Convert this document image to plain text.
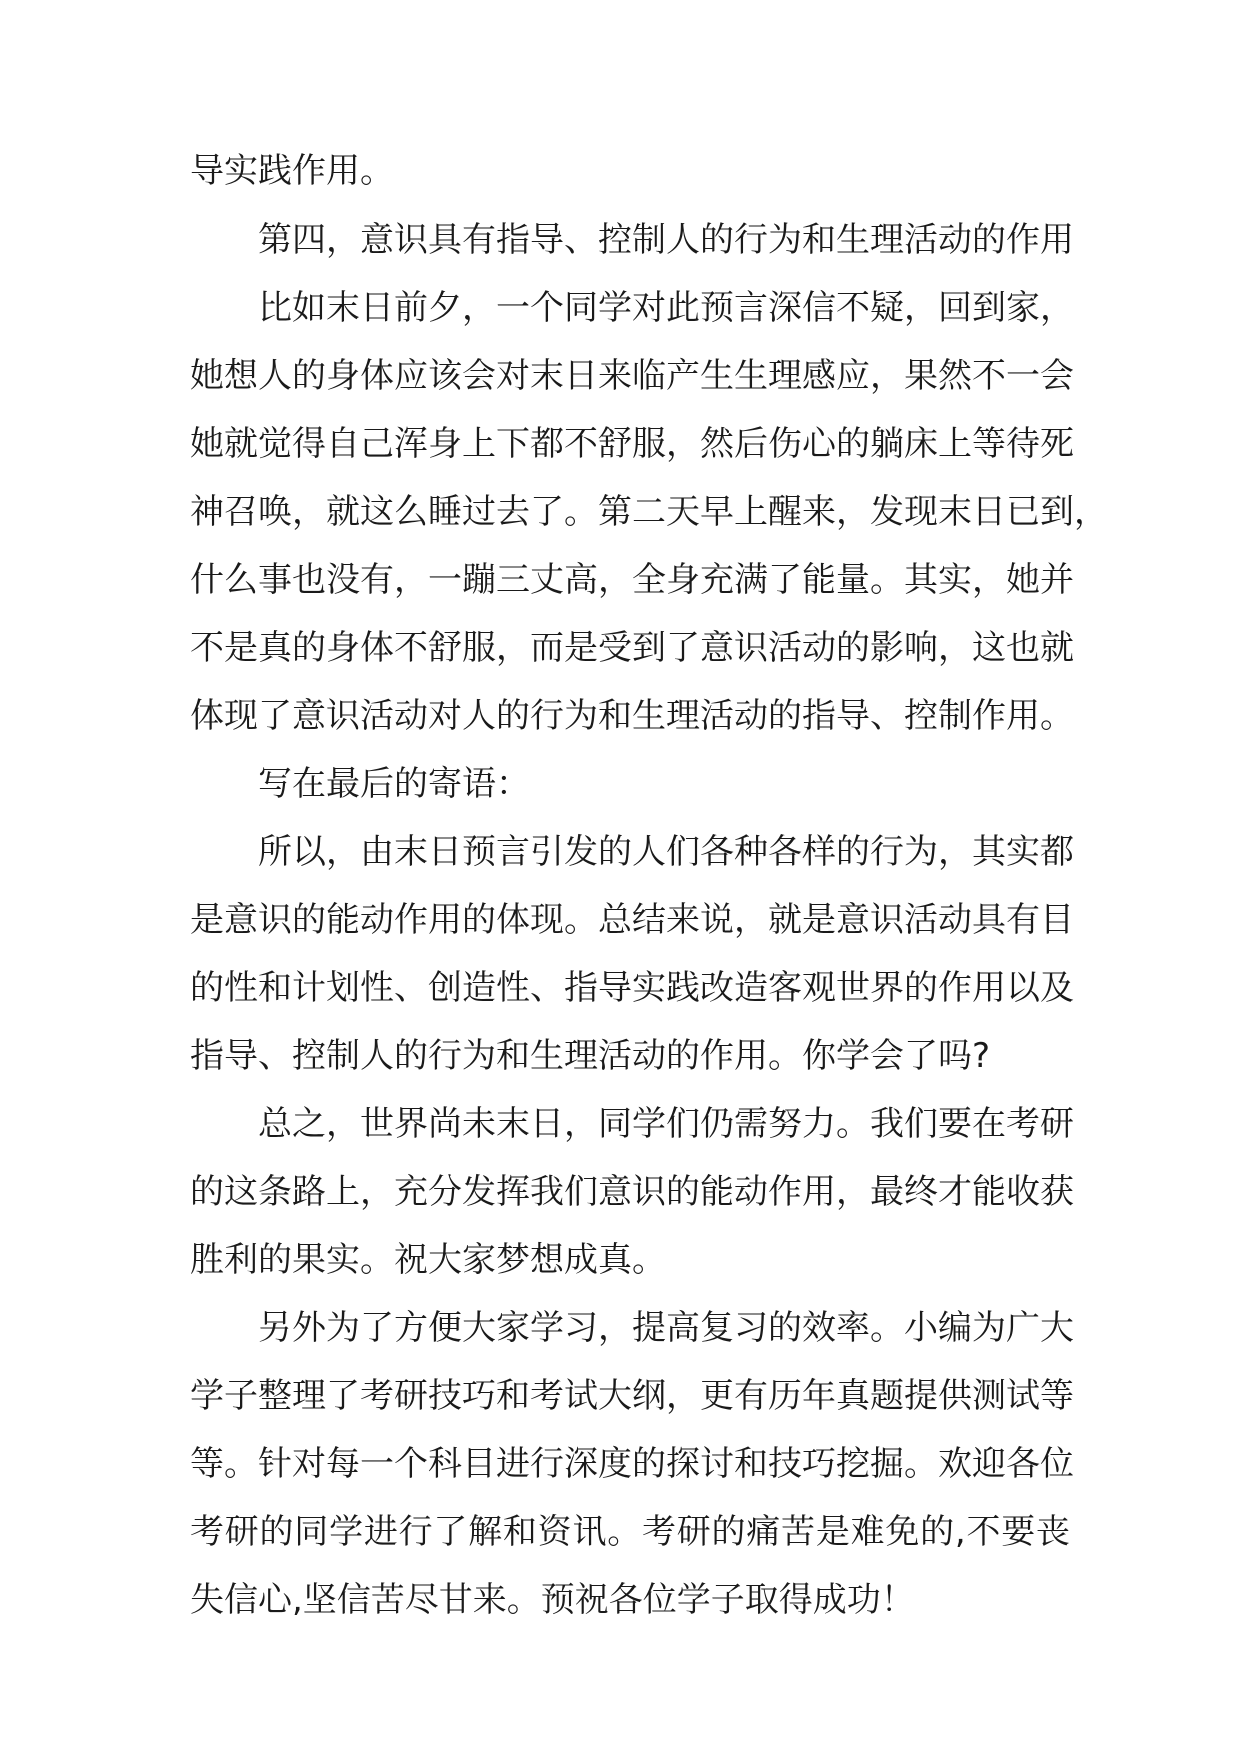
导实践作用。
第四，意识具有指导、控制人的行为和生理活动的作用
比如末日前夕，一个同学对此预言深信不疑，回到家，
她想人的身体应该会对末日来临产生生理感应，果然不一会
她就觉得自己浑身上下都不舒服，然后伤心的躺床上等待死
神召唤，就这么睡过去了。第二天早上醒来，发现末日已到，
什么事也没有，一蹦三丈高，全身充满了能量。其实，她并
不是真的身体不舒服，而是受到了意识活动的影响，这也就
体现了意识活动对人的行为和生理活动的指导、控制作用。
写在最后的寄语：
所以，由末日预言引发的人们各种各样的行为，其实都
是意识的能动作用的体现。总结来说，就是意识活动具有目
的性和计划性、创造性、指导实践改造客观世界的作用以及
指导、控制人的行为和生理活动的作用。你学会了吗?
总之，世界尚未末日，同学们仍需努力。我们要在考研
的这条路上，充分发挥我们意识的能动作用，最终才能收获
胜利的果实。祝大家梦想成真。
另外为了方便大家学习，提高复习的效率。小编为广大
学子整理了考研技巧和考试大纲，更有历年真题提供测试等
等。针对每一个科目进行深度的探讨和技巧挖掘。欢迎各位
考研的同学进行了解和资讯。考研的痛苦是难免的,不要丧
失信心,坚信苦尽甘来。预祝各位学子取得成功！
